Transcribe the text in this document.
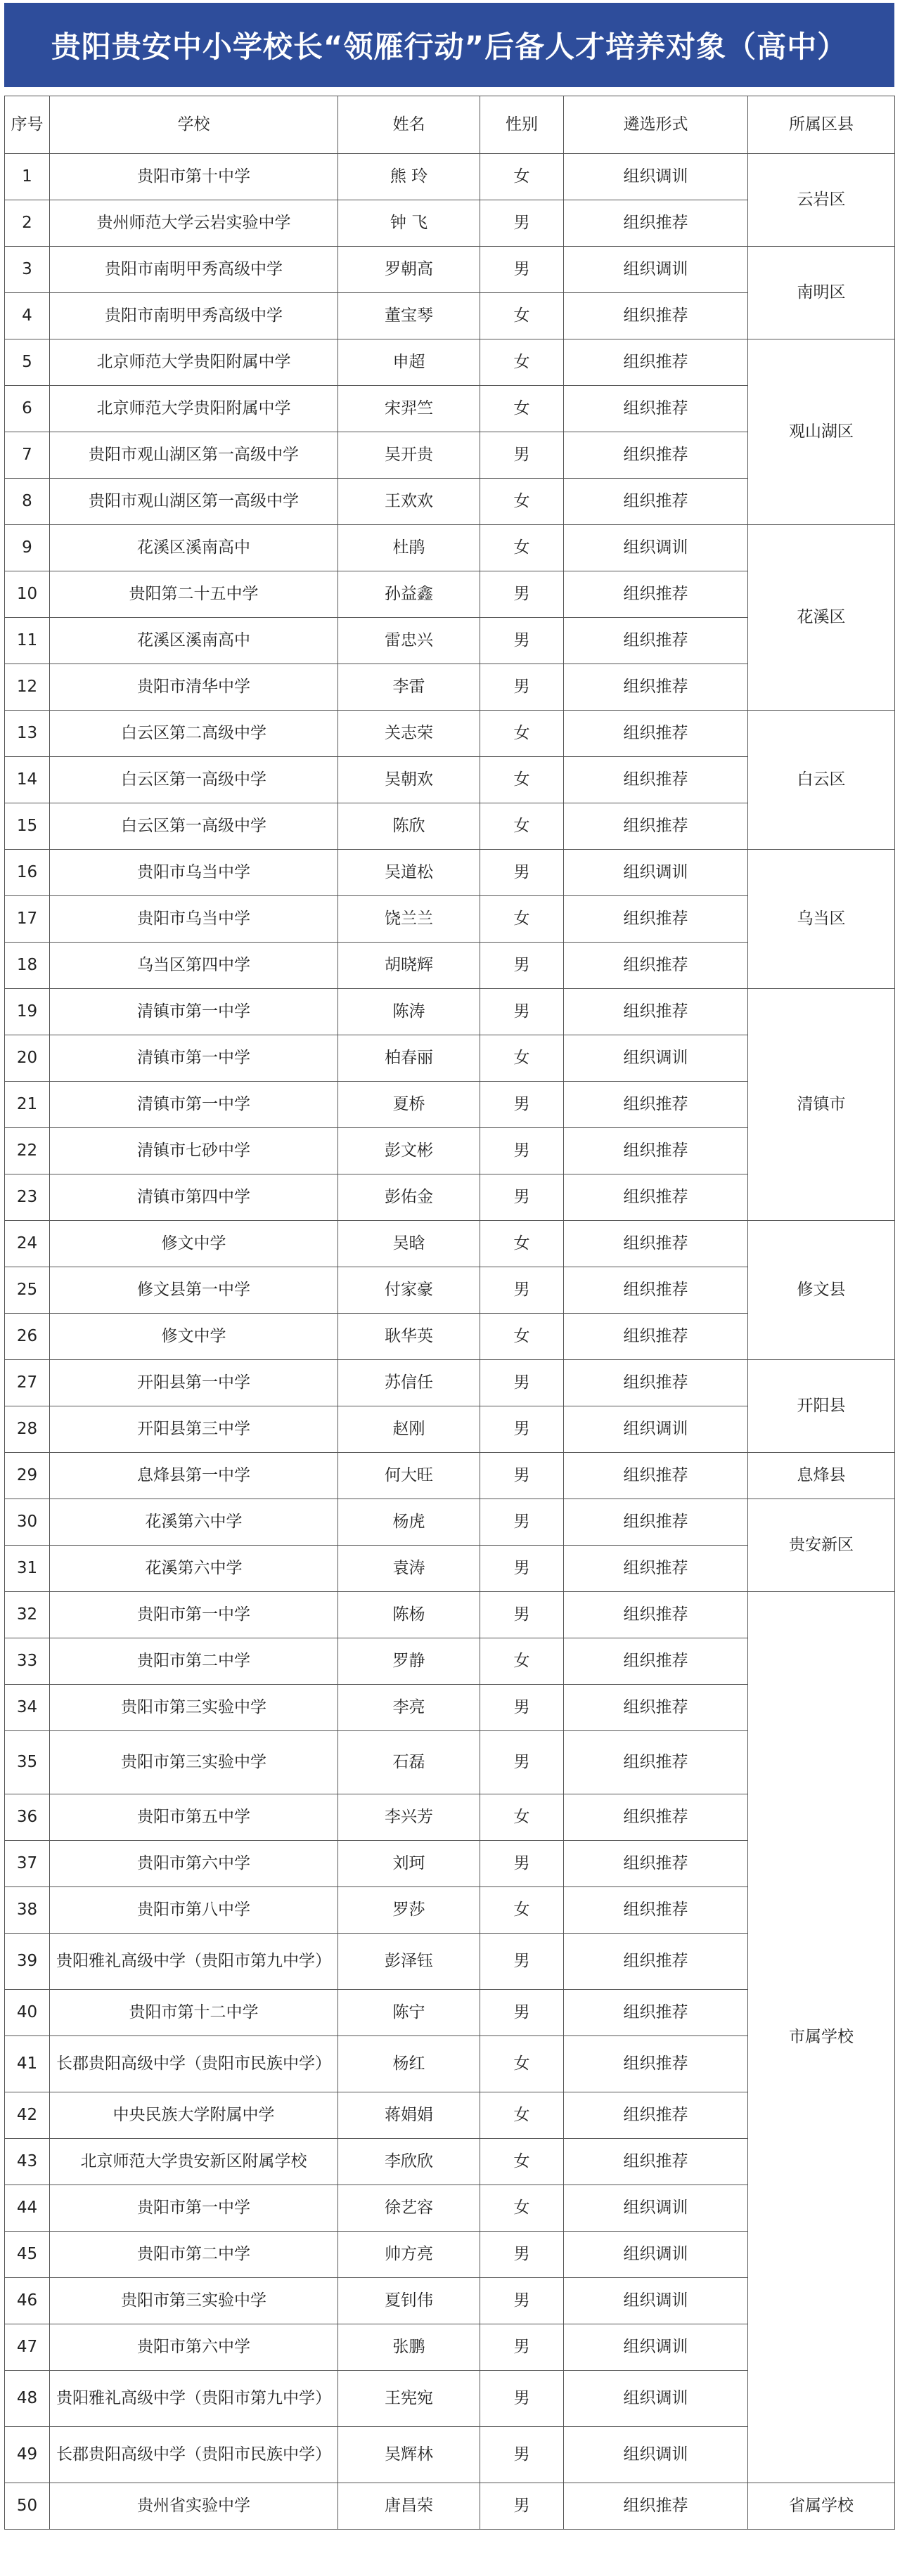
贵阳贵安中小学校长“领雁行动”后备人才培养对象（高中）
序号	学校	姓名	性别	遴选形式	所属区县
1	贵阳市第十中学	熊 玲	女	组织调训	云岩区
2	贵州师范大学云岩实验中学	钟 飞	男	组织推荐	
3	贵阳市南明甲秀高级中学	罗朝高	男	组织调训	南明区
4	贵阳市南明甲秀高级中学	董宝琴	女	组织推荐	
5	北京师范大学贵阳附属中学	申超	女	组织推荐	观山湖区
6	北京师范大学贵阳附属中学	宋羿竺	女	组织推荐	
7	贵阳市观山湖区第一高级中学	吴开贵	男	组织推荐	
8	贵阳市观山湖区第一高级中学	王欢欢	女	组织推荐	
9	花溪区溪南高中	杜鹃	女	组织调训	花溪区
10	贵阳第二十五中学	孙益鑫	男	组织推荐	
11	花溪区溪南高中	雷忠兴	男	组织推荐	
12	贵阳市清华中学	李雷	男	组织推荐	
13	白云区第二高级中学	关志荣	女	组织推荐	白云区
14	白云区第一高级中学	吴朝欢	女	组织推荐	
15	白云区第一高级中学	陈欣	女	组织推荐	
16	贵阳市乌当中学	吴道松	男	组织调训	乌当区
17	贵阳市乌当中学	饶兰兰	女	组织推荐	
18	乌当区第四中学	胡晓辉	男	组织推荐	
19	清镇市第一中学	陈涛	男	组织推荐	清镇市
20	清镇市第一中学	柏春丽	女	组织调训	
21	清镇市第一中学	夏桥	男	组织推荐	
22	清镇市七砂中学	彭文彬	男	组织推荐	
23	清镇市第四中学	彭佑金	男	组织推荐	
24	修文中学	吴晗	女	组织推荐	修文县
25	修文县第一中学	付家豪	男	组织推荐	
26	修文中学	耿华英	女	组织推荐	
27	开阳县第一中学	苏信任	男	组织推荐	开阳县
28	开阳县第三中学	赵刚	男	组织调训	
29	息烽县第一中学	何大旺	男	组织推荐	息烽县
30	花溪第六中学	杨虎	男	组织推荐	贵安新区
31	花溪第六中学	袁涛	男	组织推荐	
32	贵阳市第一中学	陈杨	男	组织推荐	市属学校
33	贵阳市第二中学	罗静	女	组织推荐	
34	贵阳市第三实验中学	李亮	男	组织推荐	
35	贵阳市第三实验中学	石磊	男	组织推荐	
36	贵阳市第五中学	李兴芳	女	组织推荐	
37	贵阳市第六中学	刘珂	男	组织推荐	
38	贵阳市第八中学	罗莎	女	组织推荐	
39	贵阳雅礼高级中学（贵阳市第九中学）	彭泽钰	男	组织推荐	
40	贵阳市第十二中学	陈宁	男	组织推荐	
41	长郡贵阳高级中学（贵阳市民族中学）	杨红	女	组织推荐	
42	中央民族大学附属中学	蒋娟娟	女	组织推荐	
43	北京师范大学贵安新区附属学校	李欣欣	女	组织推荐	
44	贵阳市第一中学	徐艺容	女	组织调训	
45	贵阳市第二中学	帅方亮	男	组织调训	
46	贵阳市第三实验中学	夏钊伟	男	组织调训	
47	贵阳市第六中学	张鹏	男	组织调训	
48	贵阳雅礼高级中学（贵阳市第九中学）	王宪宛	男	组织调训	
49	长郡贵阳高级中学（贵阳市民族中学）	吴辉林	男	组织调训	
50	贵州省实验中学	唐昌荣	男	组织推荐	省属学校
